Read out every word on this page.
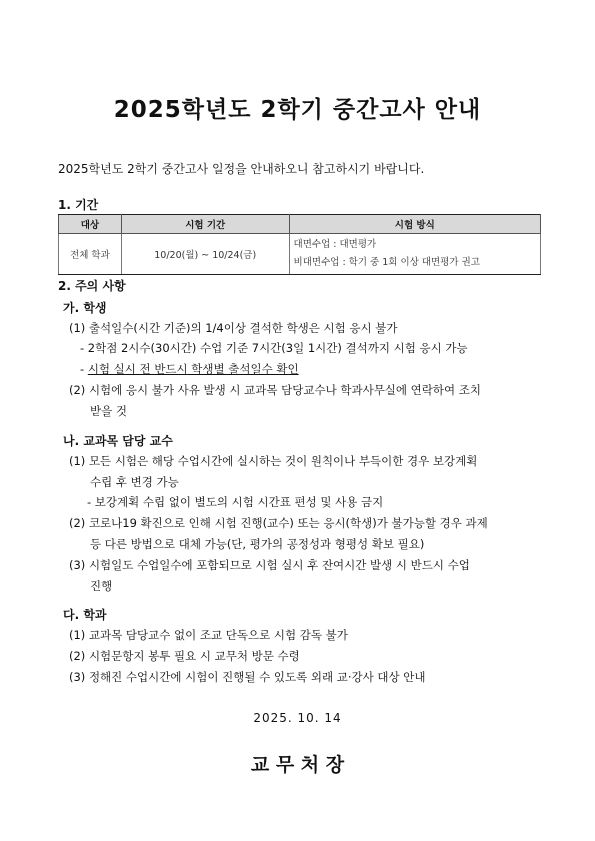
2025학년도 2학기 중간고사 안내
2025학년도 2학기 중간고사 일정을 안내하오니 참고하시기 바랍니다.
1. 기간
대상	시험 기간	시험 방식
전체 학과	10/20(월) ~ 10/24(금)	대면수업 : 대면평가
비대면수업 : 학기 중 1회 이상 대면평가 권고
2. 주의 사항
가. 학생
(1) 출석일수(시간 기준)의 1/4이상 결석한 학생은 시험 응시 불가
- 2학점 2시수(30시간) 수업 기준 7시간(3일 1시간) 결석까지 시험 응시 가능
- 시험 실시 전 반드시 학생별 출석일수 확인
(2) 시험에 응시 불가 사유 발생 시 교과목 담당교수나 학과사무실에 연락하여 조치
받을 것
나. 교과목 담당 교수
(1) 모든 시험은 해당 수업시간에 실시하는 것이 원칙이나 부득이한 경우 보강계획
수립 후 변경 가능
- 보강계획 수립 없이 별도의 시험 시간표 편성 및 사용 금지
(2) 코로나19 확진으로 인해 시험 진행(교수) 또는 응시(학생)가 불가능할 경우 과제
등 다른 방법으로 대체 가능(단, 평가의 공정성과 형평성 확보 필요)
(3) 시험일도 수업일수에 포함되므로 시험 실시 후 잔여시간 발생 시 반드시 수업
진행
다. 학과
(1) 교과목 담당교수 없이 조교 단독으로 시험 감독 불가
(2) 시험문항지 봉투 필요 시 교무처 방문 수령
(3) 정해진 수업시간에 시험이 진행될 수 있도록 외래 교·강사 대상 안내
2025. 10. 14
교 무 처 장
